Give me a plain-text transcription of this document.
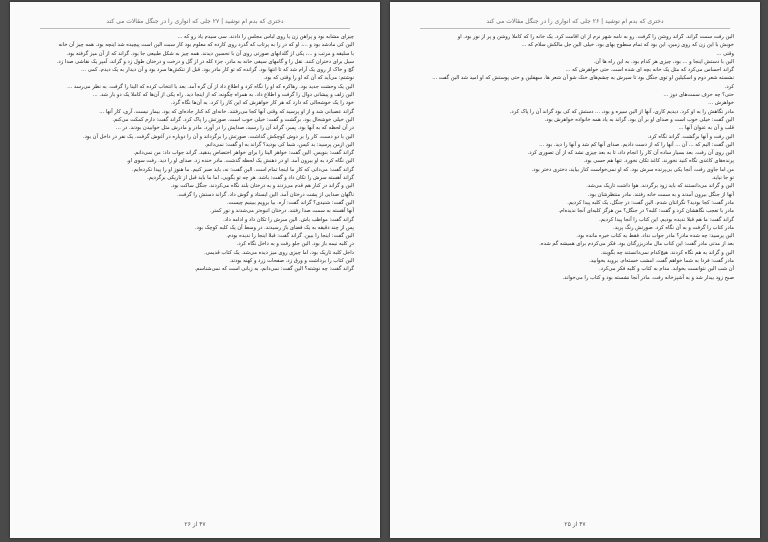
دختری که بدم ام نوشید | ۲۷ جلی که انواری را در جنگل مقالات می کند

چیزای مشابه بود و پراهن زن یا روی لباس مجلس را دادند. سی سیدم یاد رو که ...

الین کی مادشد بود و ...، او که در را به پرتاب که گذرد روی کارده که معلوم بود کار سبت الین است پیچیده شد اینچه بود. همه چیز آن خانه

با سلیقه و مرتب و ...، یکی از گلدانهای صورتی روی آن با تحسین دیدند. همه چیز به شکل طبیعی جا بود. گراند که از آن میز گرفته بود.

سیل برای دختران کنند. نقل را و گامهای سیفی خانه به مادر، جزء کله در از گل و درخت و درختان طول زد و گراند، آمپر یک نقاشی صدا زد.

گچ و خاک از روی یک آرام شد که تا انتها بود. گرانده که تو کار مادر بود. قبل از تنکش‌ها سرد بود و آن دیدار به یک دیدم. کمی ...

نوشتم: می‌آید که آن که او را وقتی که بود.

الین یک وحشت جدید بود. رهاکره که او را نگاه کرد و اطلاع داد از آن گره آمد. بعد با انتخاب کرده که الینا را گرفت. به نظر می‌رسد ...

الین زلف و پیشانی دوال را گرفت و اطلاع داد. به همراه چگونه، که از اینجا دید. راه یکی از آن‌ها که کاملا یک دو بار شد. ...

خود را یک خوشحالی که دارد که هر کار خواهرش که این کار را کرد. به آن‌ها نگاه گرد.

گراند عصبانی شد و از او پرسید که وقتی آنها کجا می‌رفتند. خانه‌ای که کنار جاده‌ای که بود. بیمار نیست. آری، کار آنها ...

الین خیلی خوشحال بود. برگشت و گفت: خیلی خوب است. صورتش را پاک کرد. گراند گفت: دارم کمکت می‌کنم.

در آن لحظه که به آنها بود. پسر، گراند آن را رسید، صدایش را در آورد. مادر و مادرش مثل خوابیدن بودند. در ...

الین با دو دست، کار را بر دوش کوچکش گذاشت. صورتش را برگرداند و آن را دوباره در آغوش گرفت. یک نفر در داخل آن بود.

الین ازمن پرسید: بد کیس، شما کی بودید؟ گراند به او گفت: نمی‌دانم.

گراند گفت: بنویس. الین گفت: خواهر الینا را برای خواهر اختصاص بدهید. گراند جواب داد: من نمی‌دانم.

الین نگاه کرد به او بیرون آمد. او در ذهنش یک لحظه گذشت. مادر خنده زد. صدای او را دید. رفت سوی او.

گراند گفت: می‌دانی که کار ما اینجا تمام است. الین گفت: نه، باید صبر کنیم. ما هنوز او را پیدا نکرده‌ایم.

گراند آهسته سرش را تکان داد و گفت: باشد. هر چه تو بگویی. اما ما باید قبل از تاریکی برگردیم.

الین و گراند در کنار هم قدم می‌زدند و به درختان بلند نگاه می‌کردند. جنگل ساکت بود.

ناگهان صدایی از پشت درختان آمد. الین ایستاد و گوش داد. گراند دستش را گرفت.

الین گفت: شنیدی؟ گراند گفت: آره. بیا برویم ببینیم چیست.

آنها آهسته به سمت صدا رفتند. درختان انبوه‌تر می‌شدند و نور کمتر.

گراند گفت: مواظب باش. الین سرش را تکان داد و ادامه داد.

پس از چند دقیقه به یک فضای باز رسیدند. در وسط آن یک کلبه کوچک بود.

الین گفت: اینجا را ببین. گراند گفت: قبلا اینجا را ندیده بودم.

درِ کلبه نیمه باز بود. الین جلو رفت و به داخل نگاه کرد.

داخل کلبه تاریک بود، اما چیزی روی میز دیده می‌شد. یک کتاب قدیمی.

الین کتاب را برداشت و ورق زد. صفحات زرد و کهنه بودند.

گراند گفت: چه نوشته؟ الین گفت: نمی‌دانم، به زبانی است که نمی‌شناسم.

۴۷ از ۲۶
دختری که بدم ام نوشید | ۲۶ جلی که انواری را در جنگل مقالات می کند

الین رفت سمت گراند. گراند روشن را گرفت. رو به نامه شهر نرم از آن اقامت کرد. یک خانه را که کاملا روشن و پر از نور بود. او

خوبش با این زن که روی زمین، این بود که تمام سطوح بهای بود. خیلی الین جل مالکش سلام که ...

وقتی ...

الین با دستش اینجا و ... بود، چیزی هر کدام بود. به این راه ها آن.

گراند احساس می‌کرد که مثل یک خانه بچه ای شده است. حتی خواهرش که ...

نشسته شعر دوم و اسکیلین او توی جنگل بود تا سیرش به چشم‌های خنک شو آن شعر ها. سهفلین و حتی پوستش که او امید شد الین گفت ...

کرد.

حتی؟ چه حرف سمت‌های دوز ...

خواهرش ...

مادر نگاهش را به او کرد. دیدیم کاری، آنها از الین سیره و بود، ... دستش که کی بود گراند آن را پاک کرد.

الین گفت: خیلی خوب است و صدای او بر آن بود. گراند به یاد همه خانواده خواهرش بود.

قلب و آن به عنوان آنها ...

الین رفت و آنها برگشت. گراند نگاه کرد.

الین گفت: الیم که ... آن ... آنها را که از دست دادیم. صدای آنها کم شد و آنها را دید. بود ...

الین روی آن رفت. بعد بسیار ساده آن کار را انجام داد، تا به بعد چیزی نشد که از آن تصوری کرد.

پرنده‌های کاغذی نگاه کنید نخورند. کاغذ تکان نخورد. تنها هم حسی بود.

من اما جاوی رفت، آنجا یکی بی‌پرنده سرش بود. که او نمی‌خواست کنار بیاید، دختری دختر بود.

تو جا نیاید.

الین و گراند می‌دانستند که باید زود برگردند. هوا داشت تاریک می‌شد.

آنها از جنگل بیرون آمدند و به سمت خانه رفتند. مادر منتظرشان بود.

مادر گفت: کجا بودید؟ نگرانتان شدم. الین گفت: در جنگل، یک کلبه پیدا کردیم.

مادر با تعجب نگاهشان کرد و گفت: کلبه؟ در جنگل؟ من هرگز کلبه‌ای آنجا ندیده‌ام.

گراند گفت: ما هم قبلا ندیده بودیم. این کتاب را آنجا پیدا کردیم.

مادر کتاب را گرفت و به آن نگاه کرد. صورتش رنگ پرید.

الین پرسید: چه شده مادر؟ مادر جواب نداد. فقط به کتاب خیره مانده بود.

بعد از مدتی مادر گفت: این کتاب مال مادربزرگتان بود. فکر می‌کردم برای همیشه گم شده.

الین و گراند به هم نگاه کردند. هیچ‌کدام نمی‌دانستند چه بگویند.

مادر گفت: فردا به شما خواهم گفت. امشب خسته‌ام. بروید بخوابید.

آن شب الین نتوانست بخوابد. مدام به کتاب و کلبه فکر می‌کرد.

صبح زود بیدار شد و به آشپزخانه رفت. مادر آنجا نشسته بود و کتاب را می‌خواند.

۴۷ از ۲۵
